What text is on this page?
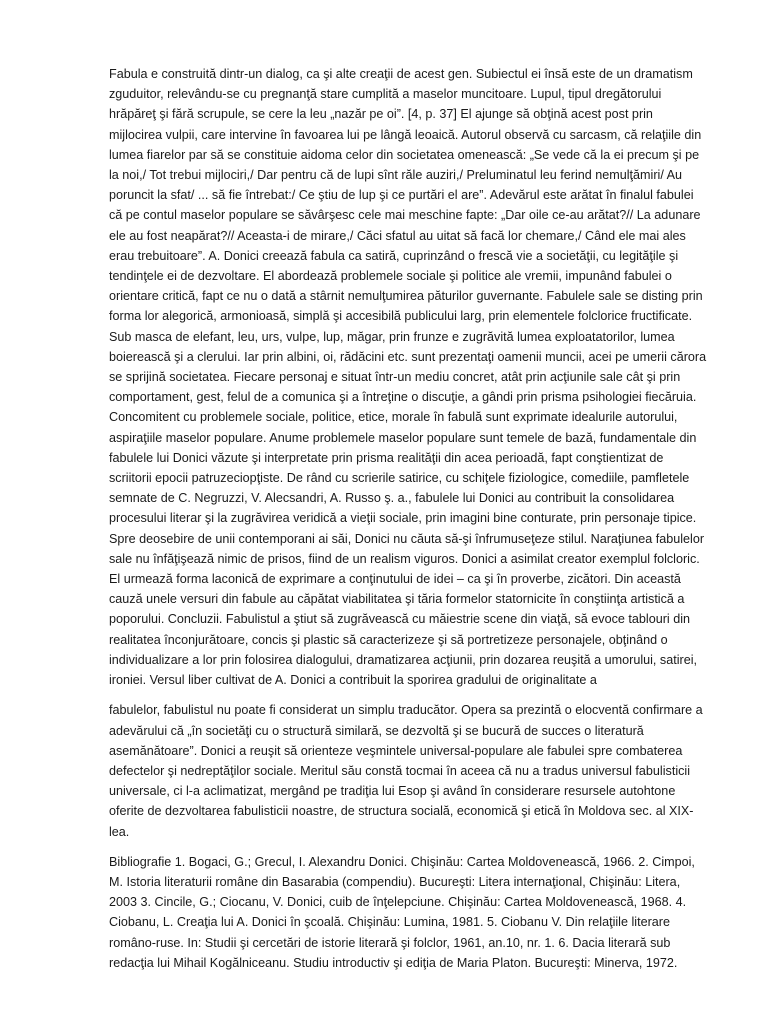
Fabula e construită dintr-un dialog, ca şi alte creaţii de acest gen. Subiectul ei însă este de un dramatism zguduitor, relevându-se cu pregnanţă stare cumplită a maselor muncitoare. Lupul, tipul dregătorului hrăpăreţ şi fără scrupule, se cere la leu „nazăr pe oi”. [4, p. 37] El ajunge să obţină acest post prin mijlocirea vulpii, care intervine în favoarea lui pe lângă leoaică. Autorul observă cu sarcasm, că relaţiile din lumea fiarelor par să se constituie aidoma celor din societatea omenească: „Se vede că la ei precum şi pe la noi,/ Tot trebui mijlociri,/ Dar pentru că de lupi sînt răle auziri,/ Preluminatul leu ferind nemulţămiri/ Au poruncit la sfat/ ... să fie întrebat:/ Ce ştiu de lup şi ce purtări el are”. Adevărul este arătat în finalul fabulei că pe contul maselor populare se săvârşesc cele mai meschine fapte: „Dar oile ce-au arătat?// La adunare ele au fost neapărat?// Aceasta-i de mirare,/ Căci sfatul au uitat să facă lor chemare,/ Când ele mai ales erau trebuitoare”. A. Donici creează fabula ca satiră, cuprinzând o frescă vie a societăţii, cu legităţile şi tendinţele ei de dezvoltare. El abordează problemele sociale şi politice ale vremii, impunând fabulei o orientare critică, fapt ce nu o dată a stârnit nemulţumirea păturilor guvernante. Fabulele sale se disting prin forma lor alegorică, armonioasă, simplă şi accesibilă publicului larg, prin elementele folclorice fructificate. Sub masca de elefant, leu, urs, vulpe, lup, măgar, prin frunze e zugrăvită lumea exploatatorilor, lumea boierească şi a clerului. Iar prin albini, oi, rădăcini etc. sunt prezentaţi oamenii muncii, acei pe umerii cărora se sprijină societatea. Fiecare personaj e situat într-un mediu concret, atât prin acţiunile sale cât şi prin comportament, gest, felul de a comunica şi a întreţine o discuţie, a gândi prin prisma psihologiei fiecăruia. Concomitent cu problemele sociale, politice, etice, morale în fabulă sunt exprimate idealurile autorului, aspiraţiile maselor populare. Anume problemele maselor populare sunt temele de bază, fundamentale din fabulele lui Donici văzute şi interpretate prin prisma realităţii din acea perioadă, fapt conştientizat de scriitorii epocii patruzeciopţiste. De rând cu scrierile satirice, cu schiţele fiziologice, comediile, pamfletele semnate de C. Negruzzi, V. Alecsandri, A. Russo ş. a., fabulele lui Donici au contribuit la consolidarea procesului literar şi la zugrăvirea veridică a vieţii sociale, prin imagini bine conturate, prin personaje tipice. Spre deosebire de unii contemporani ai săi, Donici nu căuta să-şi înfrumuseţeze stilul. Naraţiunea fabulelor sale nu înfăţişează nimic de prisos, fiind de un realism viguros. Donici a asimilat creator exemplul folcloric. El urmează forma laconică de exprimare a conţinutului de idei – ca şi în proverbe, zicători. Din această cauză unele versuri din fabule au căpătat viabilitatea şi tăria formelor statornicite în conştiinţa artistică a poporului. Concluzii. Fabulistul a ştiut să zugrăvească cu măiestrie scene din viaţă, să evoce tablouri din realitatea înconjurătoare, concis şi plastic să caracterizeze şi să portretizeze personajele, obţinând o individualizare a lor prin folosirea dialogului, dramatizarea acţiunii, prin dozarea reuşită a umorului, satirei, ironiei. Versul liber cultivat de A. Donici a contribuit la sporirea gradului de originalitate a

fabulelor, fabulistul nu poate fi considerat un simplu traducător. Opera sa prezintă o elocventă confirmare a adevărului că „în societăţi cu o structură similară, se dezvoltă şi se bucură de succes o literatură asemănătoare”. Donici a reuşit să orienteze veşmintele universal-populare ale fabulei spre combaterea defectelor şi nedreptăţilor sociale. Meritul său constă tocmai în aceea că nu a tradus universul fabulisticii universale, ci l-a aclimatizat, mergând pe tradiţia lui Esop şi având în considerare resursele autohtone oferite de dezvoltarea fabulisticii noastre, de structura socială, economică şi etică în Moldova sec. al XIX-lea.

Bibliografie 1. Bogaci, G.; Grecul, I. Alexandru Donici. Chişinău: Cartea Moldovenească, 1966. 2. Cimpoi, M. Istoria literaturii române din Basarabia (compendiu). Bucureşti: Litera internaţional, Chişinău: Litera, 2003 3. Cincile, G.; Ciocanu, V. Donici, cuib de înţelepciune. Chişinău: Cartea Moldovenească, 1968. 4. Ciobanu, L. Creaţia lui A. Donici în şcoală. Chişinău: Lumina, 1981. 5. Ciobanu V. Din relaţiile literare româno-ruse. In: Studii şi cercetări de istorie literară şi folclor, 1961, an.10, nr. 1. 6. Dacia literară sub redacţia lui Mihail Kogălniceanu. Studiu introductiv şi ediţia de Maria Platon. Bucureşti: Minerva, 1972.
